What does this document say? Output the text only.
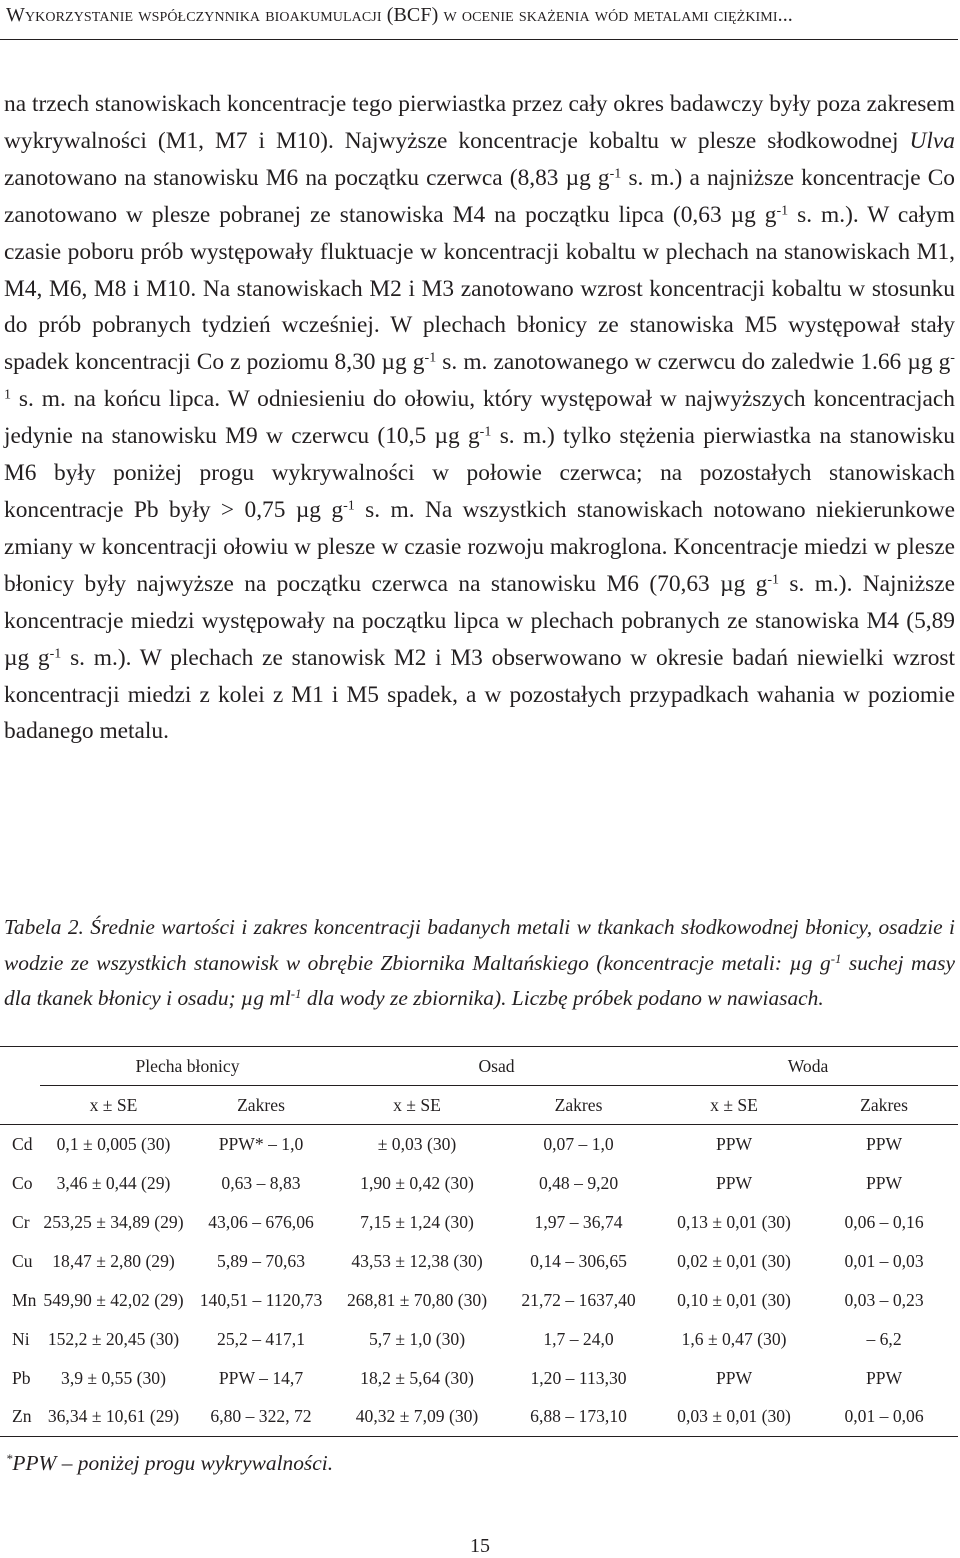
Wykorzystanie współczynnika bioakumulacji (BCF) w ocenie skażenia wód metalami ciężkimi...

na trzech stanowiskach koncentracje tego pierwiastka przez cały okres badawczy były poza zakresem wykrywalności (M1, M7 i M10). Najwyższe koncentracje kobaltu w plesze słodkowodnej Ulva zanotowano na stanowisku M6 na początku czerwca (8,83 µg $g^{-1}$ s. m.) a najniższe koncentracje Co zanotowano w plesze pobranej ze stanowiska M4 na początku lipca (0,63 µg $g^{-1}$ s. m.). W całym czasie poboru prób występowały fluktuacje w koncentracji kobaltu w plechach na stanowiskach M1, M4, M6, M8 i M10. Na stanowiskach M2 i M3 zanotowano wzrost koncentracji kobaltu w stosunku do prób pobranych tydzień wcześniej. W plechach błonicy ze stanowiska M5 występował stały spadek koncentracji Co z poziomu 8,30 µg $g^{-1}$ s. m. zanotowanego w czerwcu do zaledwie 1.66 µg $g^{-1}$ s. m. na końcu lipca. W odniesieniu do ołowiu, który występował w najwyższych koncentracjach jedynie na stanowisku M9 w czerwcu (10,5 µg $g^{-1}$ s. m.) tylko stężenia pierwiastka na stanowisku M6 były poniżej progu wykrywalności w połowie czerwca; na pozostałych stanowiskach koncentracje Pb były > 0,75 µg $g^{-1}$ s. m. Na wszystkich stanowiskach notowano niekierunkowe zmiany w koncentracji ołowiu w plesze w czasie rozwoju makroglona. Koncentracje miedzi w plesze błonicy były najwyższe na początku czerwca na stanowisku M6 (70,63 µg $g^{-1}$ s. m.). Najniższe koncentracje miedzi występowały na początku lipca w plechach pobranych ze stanowiska M4 (5,89 µg $g^{-1}$ s. m.). W plechach ze stanowisk M2 i M3 obserwowano w okresie badań niewielki wzrost koncentracji miedzi z kolei z M1 i M5 spadek, a w pozostałych przypadkach wahania w poziomie badanego metalu.

Tabela 2. Średnie wartości i zakres koncentracji badanych metali w tkankach słodkowodnej błonicy, osadzie i wodzie ze wszystkich stanowisk w obrębie Zbiornika Maltańskiego (koncentracje metali: µg $g^{-1}$ suchej masy dla tkanek błonicy i osadu; µg $ml^{-1}$ dla wody ze zbiornika). Liczbę próbek podano w nawiasach.

	Plecha błonicy		Osad		Woda	
	x ± SE	Zakres	x ± SE	Zakres	x ± SE	Zakres
Cd	0,1 ± 0,005 (30)	PPW* – 1,0	± 0,03 (30)	0,07 – 1,0	PPW	PPW
Co	3,46 ± 0,44 (29)	0,63 – 8,83	1,90 ± 0,42 (30)	0,48 – 9,20	PPW	PPW
Cr	253,25 ± 34,89 (29)	43,06 – 676,06	7,15 ± 1,24 (30)	1,97 – 36,74	0,13 ± 0,01 (30)	0,06 – 0,16
Cu	18,47 ± 2,80 (29)	5,89 – 70,63	43,53 ± 12,38 (30)	0,14 – 306,65	0,02 ± 0,01 (30)	0,01 – 0,03
Mn	549,90 ± 42,02 (29)	140,51 – 1120,73	268,81 ± 70,80 (30)	21,72 – 1637,40	0,10 ± 0,01 (30)	0,03 – 0,23
Ni	152,2 ± 20,45 (30)	25,2 – 417,1	5,7 ± 1,0 (30)	1,7 – 24,0	1,6 ± 0,47 (30)	– 6,2
Pb	3,9 ± 0,55 (30)	PPW – 14,7	18,2 ± 5,64 (30)	1,20 – 113,30	PPW	PPW
Zn	36,34 ± 10,61 (29)	6,80 – 322, 72	40,32 ± 7,09 (30)	6,88 – 173,10	0,03 ± 0,01 (30)	0,01 – 0,06
*PPW – poniżej progu wykrywalności.
15
